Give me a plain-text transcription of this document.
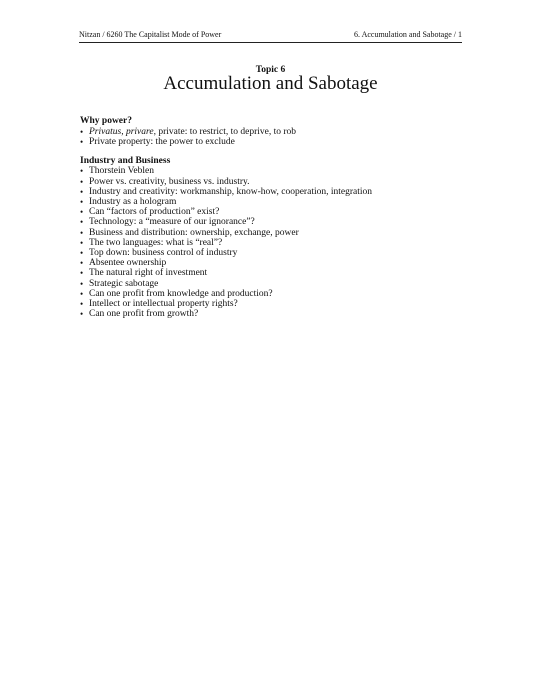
Nitzan / 6260 The Capitalist Mode of Power	6. Accumulation and Sabotage / 1
Topic 6
Accumulation and Sabotage
Why power?
• Privatus, privare, private: to restrict, to deprive, to rob
• Private property: the power to exclude
Industry and Business
• Thorstein Veblen
• Power vs. creativity, business vs. industry.
• Industry and creativity: workmanship, know-how, cooperation, integration
• Industry as a hologram
• Can “factors of production” exist?
• Technology: a “measure of our ignorance”?
• Business and distribution: ownership, exchange, power
• The two languages: what is “real”?
• Top down: business control of industry
• Absentee ownership
• The natural right of investment
• Strategic sabotage
• Can one profit from knowledge and production?
• Intellect or intellectual property rights?
• Can one profit from growth?
